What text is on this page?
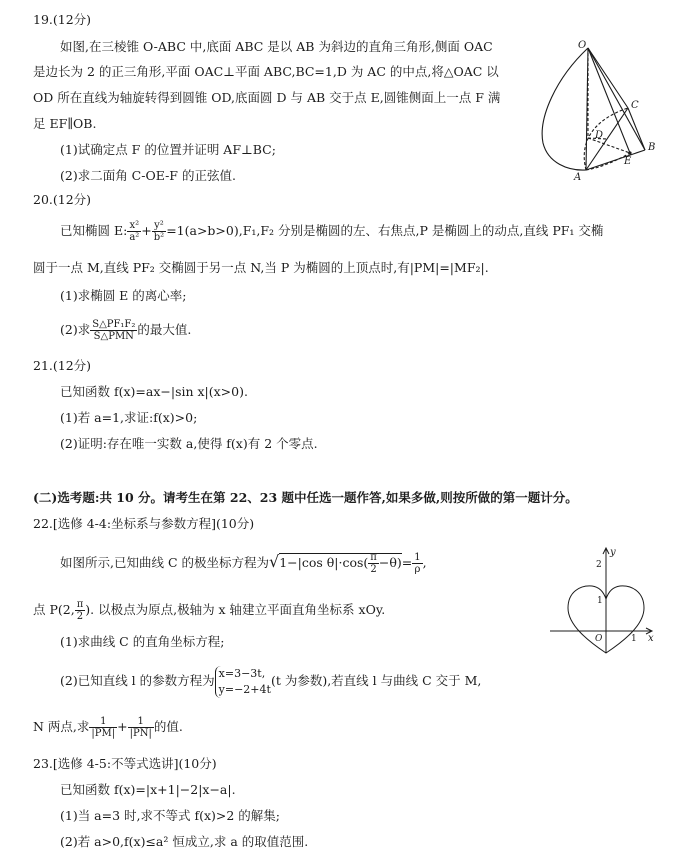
19.(12分)
如图,在三棱锥 O-ABC 中,底面 ABC 是以 AB 为斜边的直角三角形,侧面 OAC
是边长为 2 的正三角形,平面 OAC⊥平面 ABC,BC=1,D 为 AC 的中点,将△OAC 以
OD 所在直线为轴旋转得到圆锥 OD,底面圆 D 与 AB 交于点 E,圆锥侧面上一点 F 满
足 EF∥OB.
(1)试确定点 F 的位置并证明 AF⊥BC;
(2)求二面角 C-OE-F 的正弦值.
O
C
D
A
E
B
20.(12分)
已知椭圆 E: $\frac{\text{x²}}{\text{a²}} + \frac{\text{y²}}{\text{b²}} =1(a>b>0),F_1,F_2$ 分别是椭圆的左、右焦点,P 是椭圆上的动点,直线 PF₁ 交椭
圆于一点 M,直线 PF₂ 交椭圆于另一点 N,当 P 为椭圆的上顶点时,有|PM|=|MF₂|.
(1)求椭圆 E 的离心率;
(2)求 S△PF₁F₂
S△PMN 的最大值.
21.(12分)
已知函数 f(x)=ax−|sin x|(x>0).
(1)若 a=1,求证:f(x)>0;
(2)证明:存在唯一实数 a,使得 f(x)有 2 个零点.
(二)选考题:共 10 分。请考生在第 22、23 题中任选一题作答,如果多做,则按所做的第一题计分。
22.[选修 4-4:坐标系与参数方程](10分)
如图所示,已知曲线 C 的极坐标方程为√1−|cos $\theta|\cdot\cos( \frac{\pi}{2} -\theta)= \frac{1}{\rho}$ ,
点 P(2, $\frac{\pi}{2}$ ). 以极点为原点,极轴为 x 轴建立平面直角坐标系 xOy.
(1)求曲线 C 的直角坐标方程;
(2)已知直线 l 的参数方程为 x=3−3t,
y=−2+4t
(t 为参数),若直线 l 与曲线 C 交于 M,
N 两点,求 $\frac{1}{|PM|} + \frac{1}{|PN|}$ 的值.
y
2
1
O	1 x
23.[选修 4-5:不等式选讲](10分)
已知函数 f(x)=|x+1|−2|x−a|.
(1)当 a=3 时,求不等式 f(x)>2 的解集;
(2)若 a>0,f(x)≤a² 恒成立,求 a 的取值范围.
